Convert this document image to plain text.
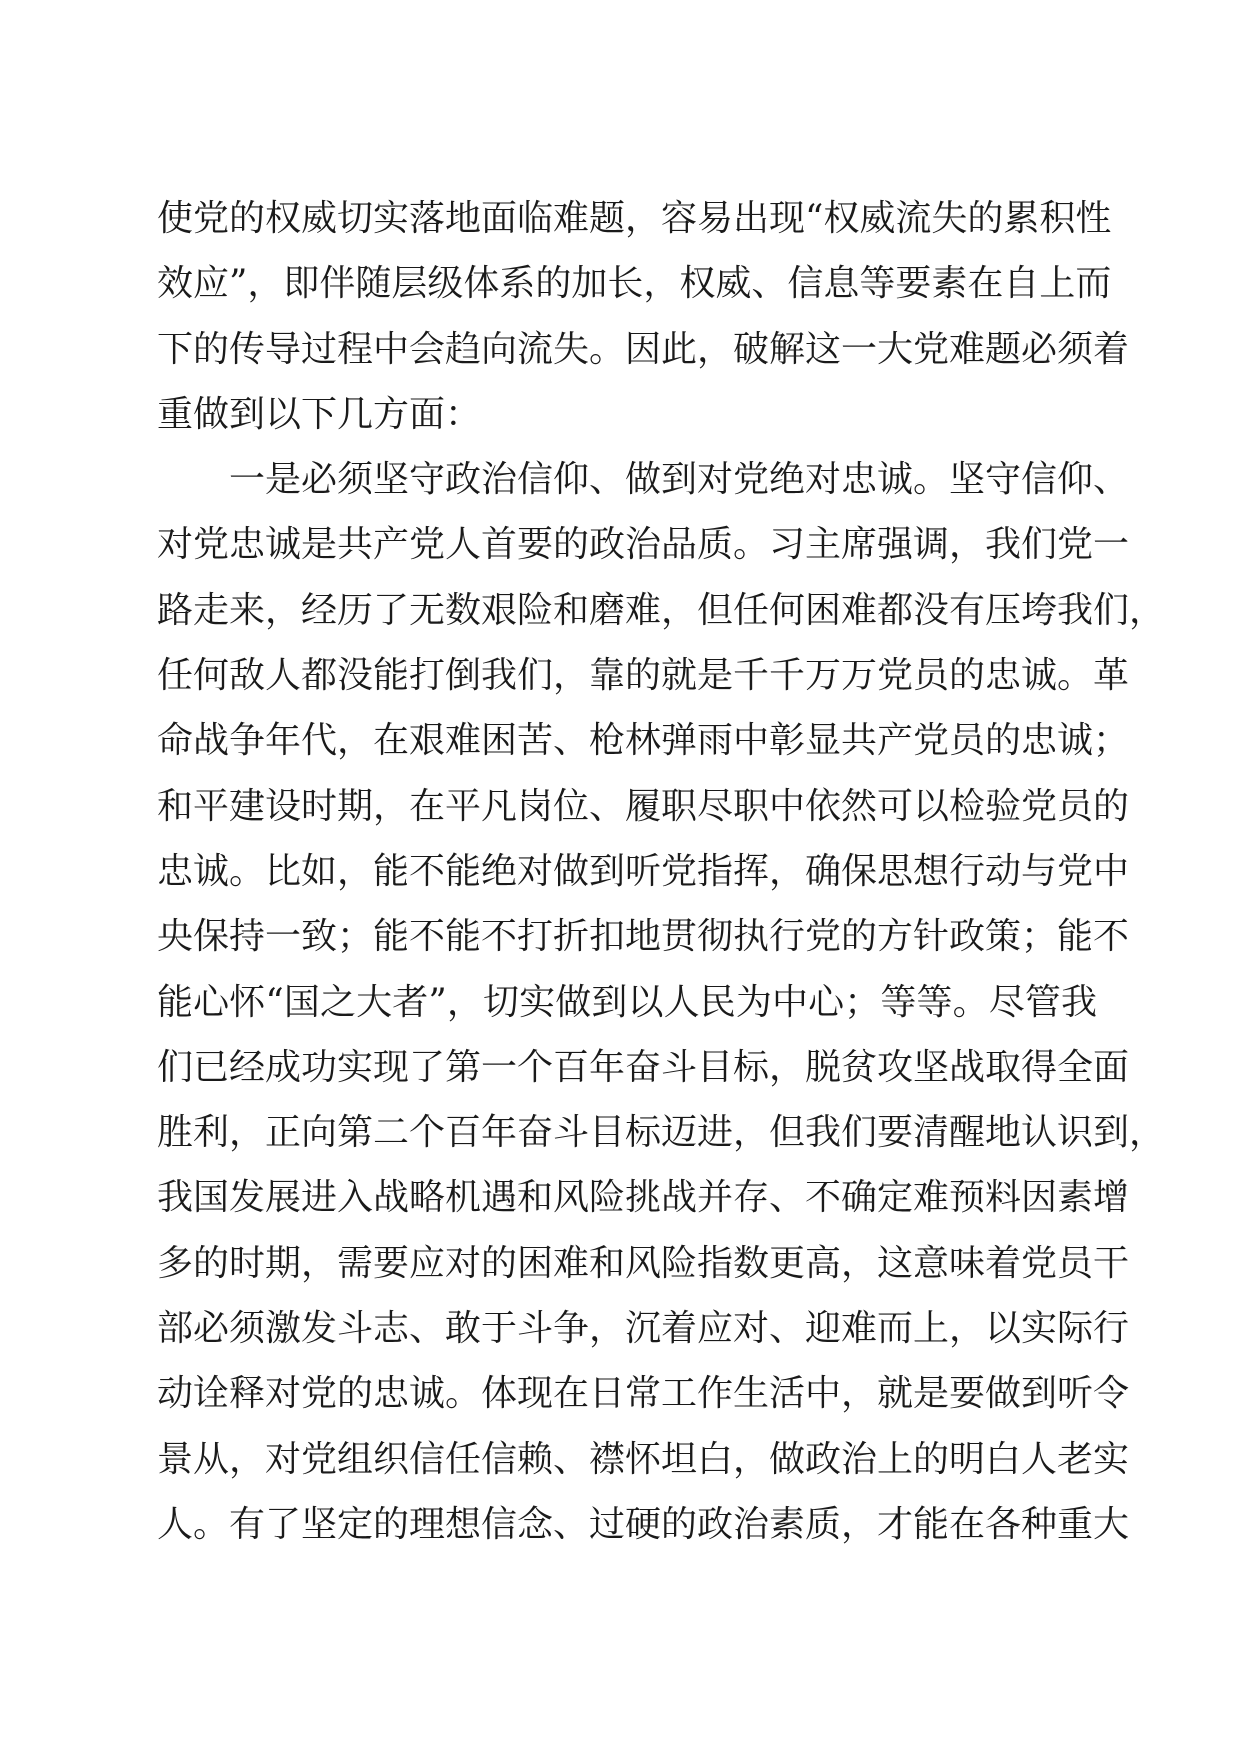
使党的权威切实落地面临难题，容易出现“权威流失的累积性
效应”，即伴随层级体系的加长，权威、信息等要素在自上而
下的传导过程中会趋向流失。因此，破解这一大党难题必须着
重做到以下几方面：
一是必须坚守政治信仰、做到对党绝对忠诚。坚守信仰、
对党忠诚是共产党人首要的政治品质。习主席强调，我们党一
路走来，经历了无数艰险和磨难，但任何困难都没有压垮我们，
任何敌人都没能打倒我们，靠的就是千千万万党员的忠诚。革
命战争年代，在艰难困苦、枪林弹雨中彰显共产党员的忠诚；
和平建设时期，在平凡岗位、履职尽职中依然可以检验党员的
忠诚。比如，能不能绝对做到听党指挥，确保思想行动与党中
央保持一致；能不能不打折扣地贯彻执行党的方针政策；能不
能心怀“国之大者”，切实做到以人民为中心；等等。尽管我
们已经成功实现了第一个百年奋斗目标，脱贫攻坚战取得全面
胜利，正向第二个百年奋斗目标迈进，但我们要清醒地认识到，
我国发展进入战略机遇和风险挑战并存、不确定难预料因素增
多的时期，需要应对的困难和风险指数更高，这意味着党员干
部必须激发斗志、敢于斗争，沉着应对、迎难而上，以实际行
动诠释对党的忠诚。体现在日常工作生活中，就是要做到听令
景从，对党组织信任信赖、襟怀坦白，做政治上的明白人老实
人。有了坚定的理想信念、过硬的政治素质，才能在各种重大
